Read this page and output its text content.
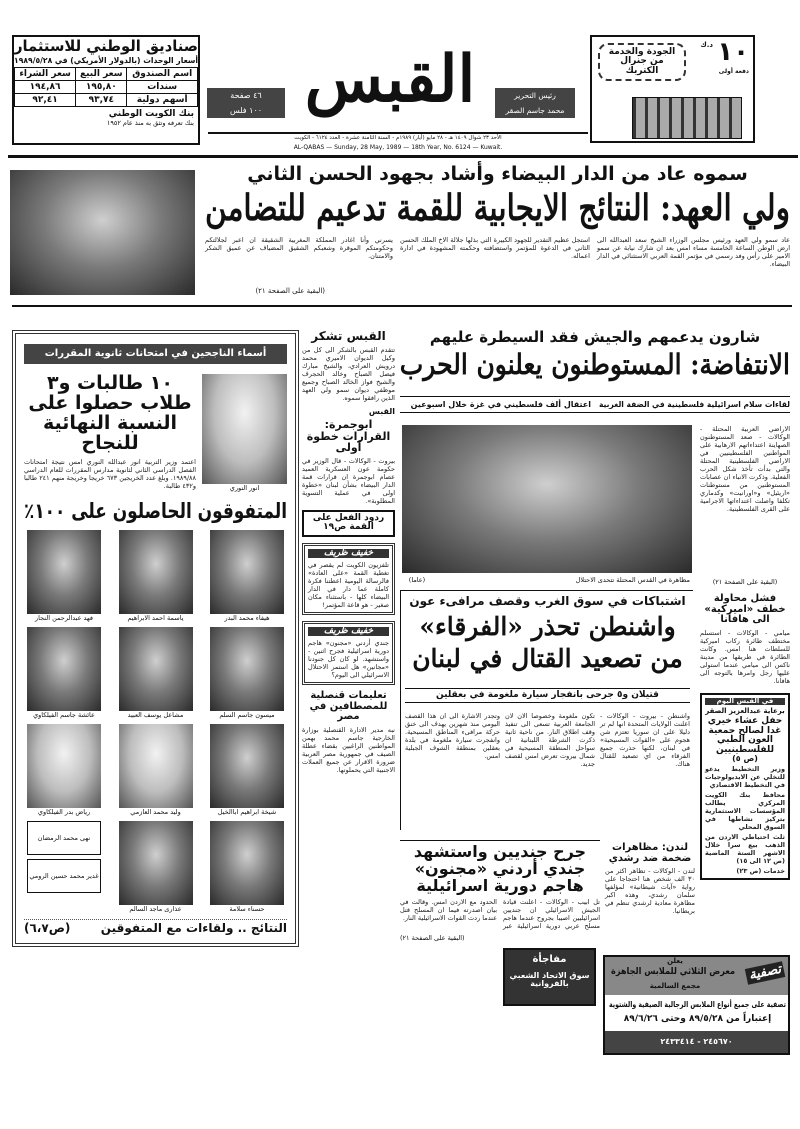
صناديق الوطني للاستثمار
أسعار الوحدات (بالدولار الأمريكي) في ١٩٨٩/٥/٢٨
اسم الصندوق	سعر البيع	سعر الشراء
سندات	١٩٥,٨٠	١٩٤,٨٦
أسهم دولية	٩٣,٧٤	٩٢,٤١
بنك الكويت الوطني
بنك تعرفه وتثق به منذ عام ١٩٥٢
٤٦ صفحة
١٠٠ فلس القبس	رئيس التحرير
محمد جاسم الصقر
الأحد ٢٣ شوال ١٤٠٩ هـ - ٢٨ مايو (أيار) ١٩٨٩م - السنة الثامنة عشرة - العدد ٦١٢٤ - الكويت
AL-QABAS — Sunday, 28 May, 1989 — 18th Year, No. 6124 — Kuwait.
١٠
د.ك
دفعة أولى
الجودة والخدمة من جنرال الكتريك
سموه عاد من الدار البيضاء وأشاد بجهود الحسن الثاني
ولي العهد: النتائج الايجابية للقمة تدعيم للتضامن
عاد سمو ولي العهد ورئيس مجلس الوزراء الشيخ سعد العبدالله الى ارض الوطن الساعة الخامسة مساء امس بعد ان شارك نيابة عن سمو الامير على رأس وفد رسمي في مؤتمر القمة العربي الاستثنائي في الدار البيضاء.
استجل عظيم التقدير للجهود الكبيرة التي بذلها جلالة الاخ الملك الحسن الثاني في الدعوة للمؤتمر واستضافته وحكمته المشهودة في ادارة اعماله.
يسرني وأنا اغادر المملكة المغربية الشقيقة ان اعبر لجلالتكم وحكومتكم الموقرة وشعبكم الشقيق المضياف عن عميق الشكر والامتنان.
(البقية على الصفحة ٢١)
أسماء الناجحين في امتحانات ثانوية المقررات
انور النوري
١٠ طالبات و٣ طلاب حصلوا على النسبة النهائية للنجاح
اعتمد وزير التربية انور عبدالله النوري امس نتيجة امتحانات الفصل الدراسي الثاني لثانوية مدارس المقررات للعام الدراسي ١٩٨٩/٨٨. وبلغ عدد الخريجين ٦٧٣ خريجا وخريجة منهم ٢٤١ طالبا و٤٣٢ طالبة.
المتفوقون الحاصلون على ١٠٠٪
هيفاء محمد البدر
ياسمة احمد الابراهيم
فهد عبدالرحمن النجار
ميسون جاسم السلم
مشاعل يوسف العبيد
عائشة جاسم الفيلكاوي
شيخة ابراهيم اباالخيل
وليد محمد العازمي
رياض بدر الفيلكاوي
حسناء سلامة
عذارى ماجد السالم
نهى محمد الرمضان
غدير محمد حسين الرومي
النتائج .. ولقاءات مع المتفوقين
(ص٦،٧)
القبس تشكر
تتقدم القبس بالشكر الى كل من وكيل الديوان الاميري محمد درويش العرادي، والشيخ مبارك فيصل الصباح وخالد الحجرف والشيخ فواز الخالد الصباح وجميع موظفي ديوان سمو ولي العهد الذين رافقوا سموه.
القبس
ابوجمرة: القرارات خطوة أولى
بيروت - الوكالات - قال الوزير في حكومة عون العسكرية العميد عصام ابوجمرة ان قرارات قمة الدار البيضاء بشأن لبنان «خطوة اولى في عملية التسوية المطلوبة».
ردود الفعل على القمة ص١٩
خفيف ظريف
تلفزيون الكويت لم يقصر في تغطية القمة «على العادة» فالرسالة اليومية اعطتنا فكرة كاملة عما دار في الدار البيضاء كلها - باستثناء مكان صغير - هو قاعة المؤتمر!
خفيف ظريف
جندي أردني «مجنون» هاجم دورية اسرائيلية فجرح اثنين - واستشهد. لو كان كل جنودنا «مجانين» هل استمر الاحتلال الاسرائيلي الى اليوم؟
تعليمات قنصلية للمصطافين في مصر
نبه مدير الادارة القنصلية بوزارة الخارجية جاسم محمد بهمن المواطنين الراغبين بقضاء عطلة الصيف في جمهورية مصر العربية ضرورة الاقرار عن جميع العملات الاجنبية التي يحملونها.
شارون يدعمهم والجيش فقد السيطرة عليهم
الانتفاضة: المستوطنون يعلنون الحرب
لقاءات سلام اسرائيلية فلسطينية في الضفة الغربية
اعتقال ألف فلسطيني في غزة خلال اسبوعين
مظاهرة في القدس المحتلة تتحدى الاحتلال
(عاما)
الاراضي العربية المحتلة - الوكالات - صعد المستوطنون الصهاينة اعتداءاتهم الارهابية على المواطنين الفلسطينيين في الاراضي الفلسطينية المحتلة والتي بدأت تأخذ شكل الحرب الفعلية. وذكرت الانباء ان عصابات المستوطنين من مستوطنات «اريئيل» و«اورانيت» وكدماري تكلفا واصلت اعتداءاتها الاجرامية على القرى الفلسطينية.
(البقية على الصفحة ٢١)
فشل محاولة خطف «اميركية» الى هافانا
ميامي - الوكالات - استسلم مختطف طائرة ركاب اميركية للسلطات هنا امس. وكانت الطائرة في طريقها من مدينة ناكس الى ميامي عندما استولى عليها رجل وامرها بالتوجه الى هافانا.
في القبس اليوم
برعاية عبدالعزيز الصقر
حفل عشاء خيري غدا لصالح جمعية العون الطبي للفلسطينيين
(ص ٥)
وزير التخطيط يدعو للتخلي عن الايديولوجيات في التخطيط الاقتصادي
محافظ بنك الكويت المركزي يطالب المؤسسات الاستثمارية بتركيز نشاطها في السوق المحلي
ثلث احتياطي الاردن من الذهب بيع سرا خلال الاشهر الستة الماضية (ص ١٢ الى ١٥)
خدمات (ص ٢٣)
اشتباكات في سوق الغرب وقصف مرافىء عون
واشنطن تحذر «الفرقاء»
من تصعيد القتال في لبنان
قتيلان و٥ جرحى بانفجار سيارة ملغومة في بعقلين
واشنطن - بيروت - الوكالات - اعلنت الولايات المتحدة انها لم تر دليلا على ان سوريا تعتزم شن هجوم على «القوات المسيحية» في لبنان، لكنها حذرت جميع الفرقاء من اي تصعيد للقتال هناك.
تكون ملغومة وخصوصا الان لان الجامعة العربية تسعى الى تنفيذ وقف اطلاق النار. من ناحية ثانية ذكرت الشرطة اللبنانية ان سواحل المنطقة المسيحية في شمال بيروت تعرض امس لقصف جديد.
وتجدر الاشارة الى ان هذا القصف اليومي منذ شهرين يهدف الى خنق حركة مرافىء المناطق المسيحية. وانفجرت سيارة ملغومة في بلدة بعقلين بمنطقة الشوف الجبلية امس.
جرح جنديين واستشهد جندي أردني «مجنون» هاجم دورية اسرائيلية
تل ابيب - الوكالات - اعلنت قيادة الجيش الاسرائيلي ان جنديين اسرائيليين اصيبا بجروح عندما هاجم مسلح عربي دورية اسرائيلية عبر الحدود مع الاردن امس. وقالت في بيان اصدرته فيما ان المسلح قتل عندما ردت القوات الاسرائيلية النار.
(البقية على الصفحة ٢١)
مفاجأة
سوق الاتحاد الشعبي بالفروانية
لندن: مظاهرات ضخمة ضد رشدي
لندن - الوكالات - تظاهر اكثر من ٣٠ الف شخص هنا احتجاجا على رواية «آيات شيطانية» لمؤلفها سلمان رشدي، وهذه اكبر مظاهرة معادية لرشدي تنظم في بريطانيا.
تصفية
يعلن
معرض الثلاثي للملابس الجاهزة
مجمع السالمية
تصفية على جميع أنواع الملابس الرجالية الصيفية والشتوية
إعتباراً من ٨٩/٥/٢٨ وحتى ٨٩/٦/٢٦
٢٤٥٦٧٠ - ٢٤٣٣٤١٤
